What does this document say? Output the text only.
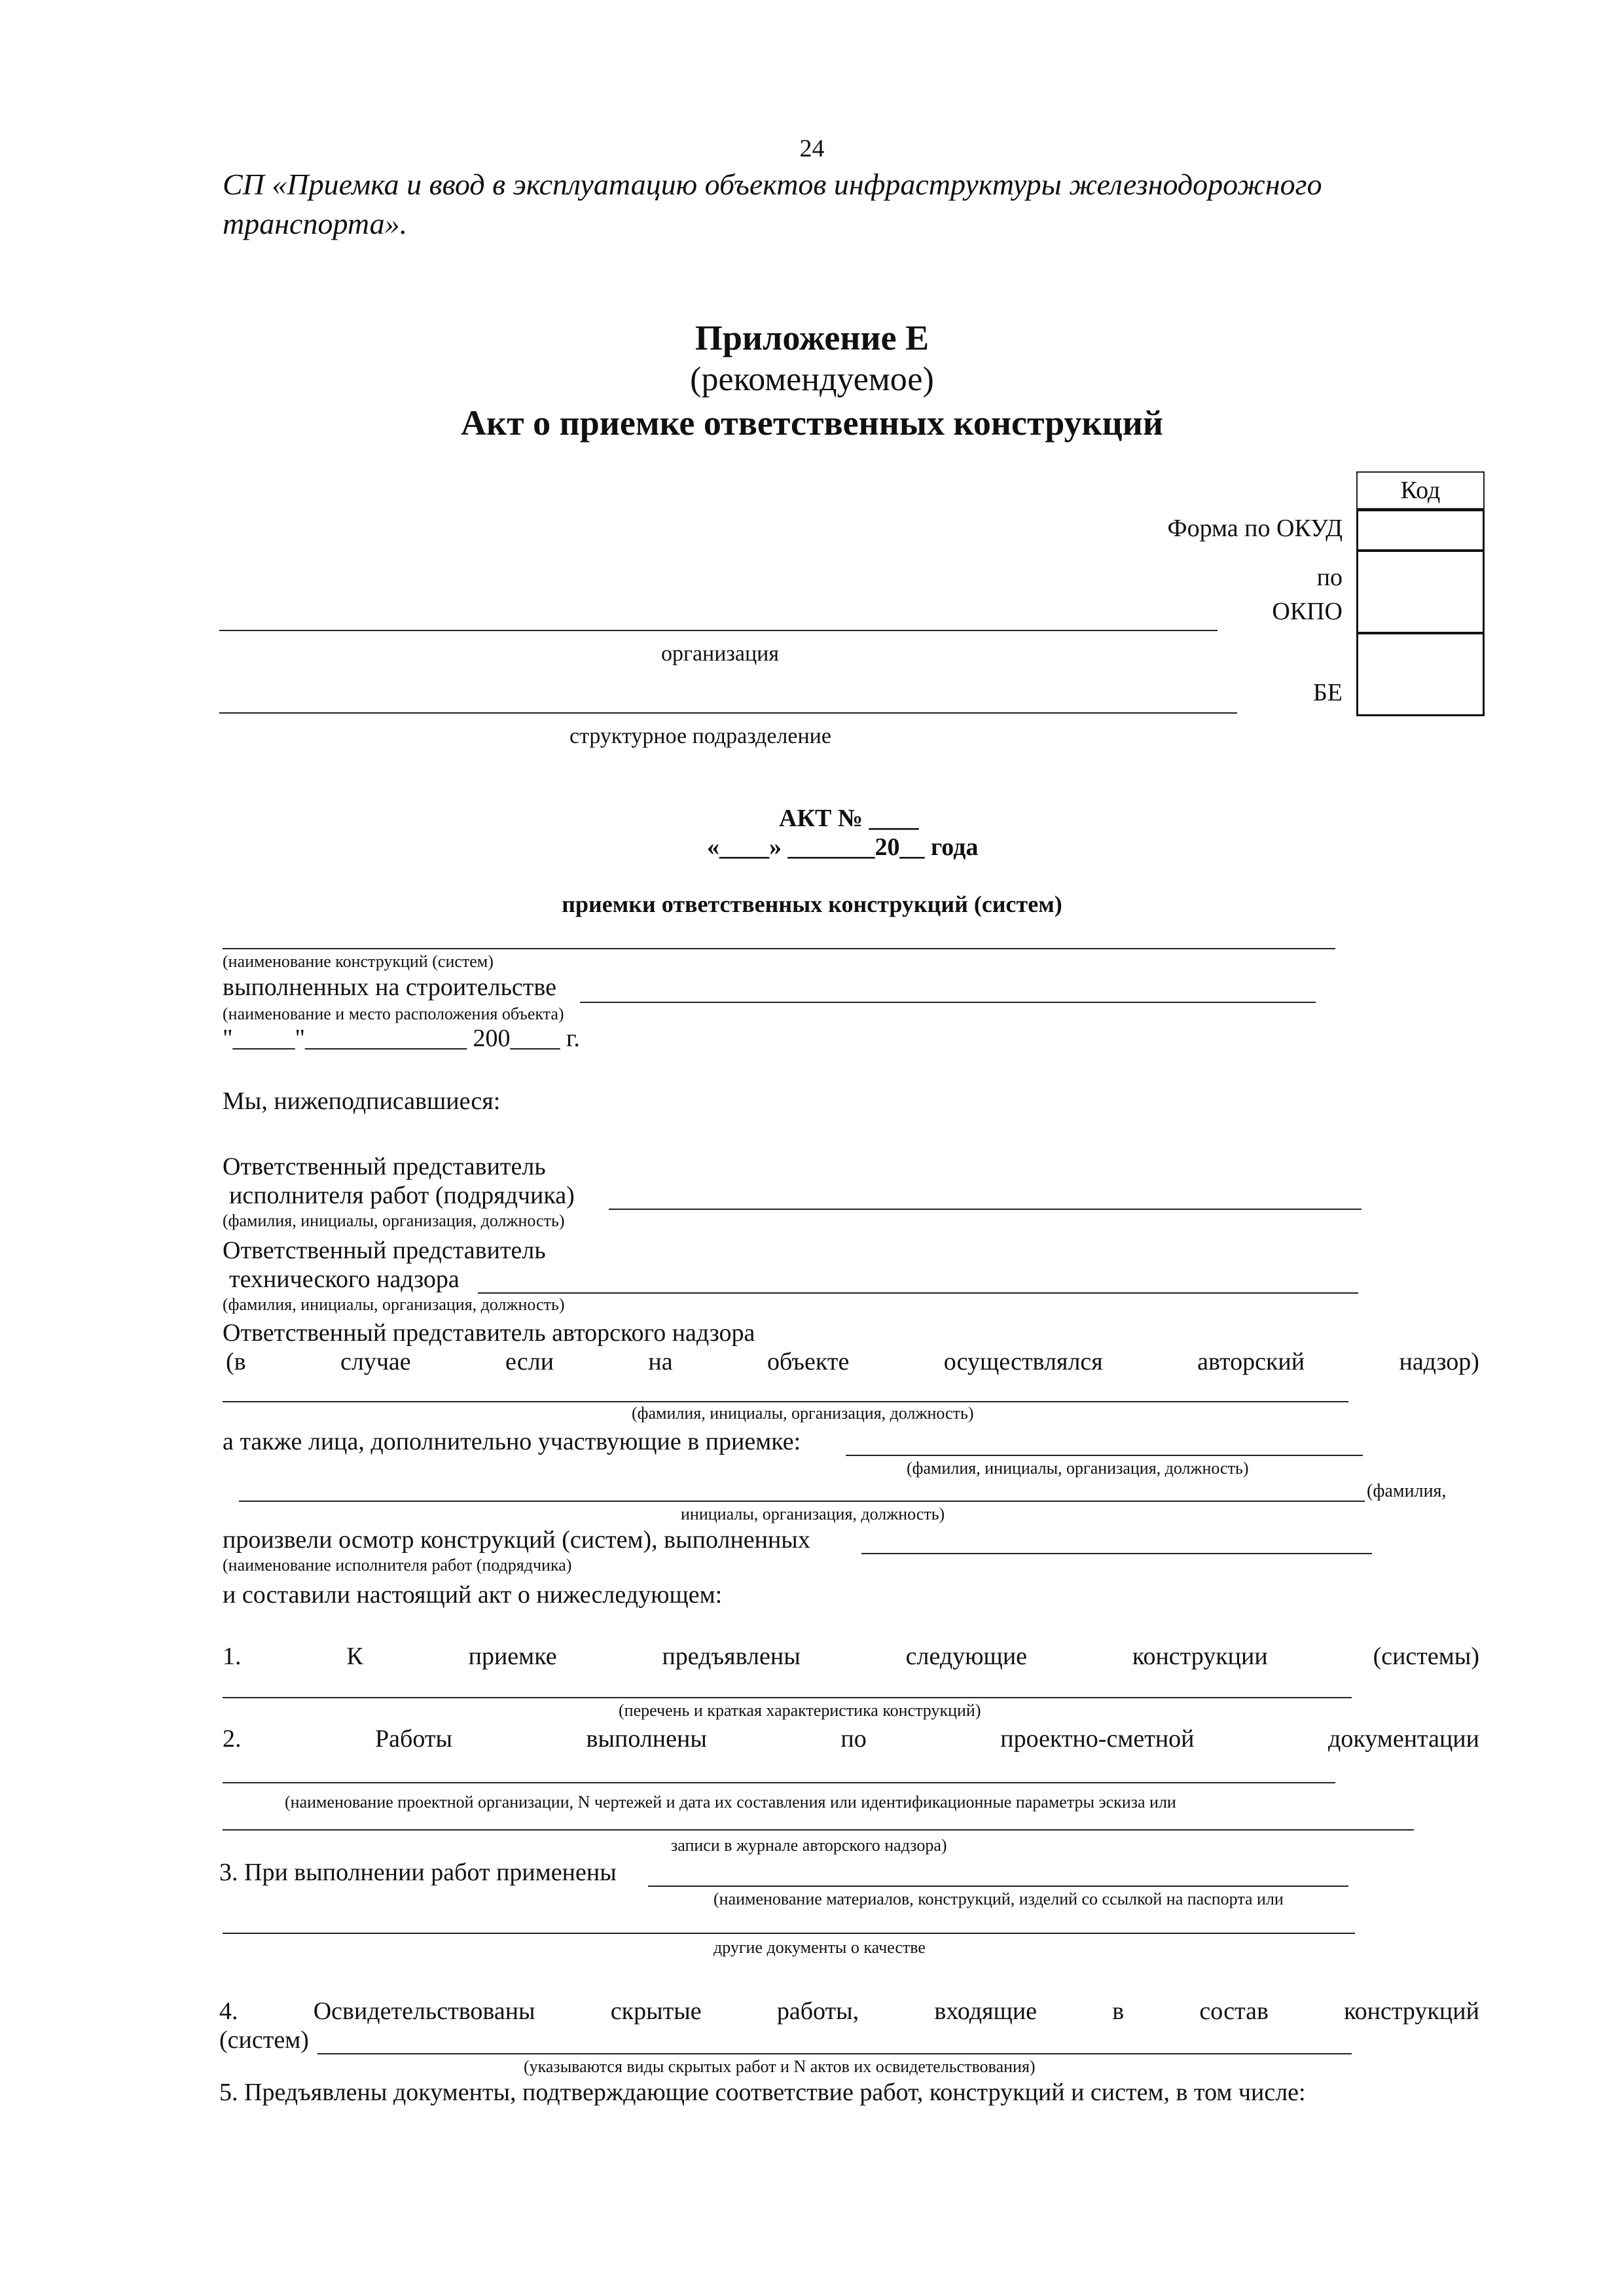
24
СП «Приемка и ввод в эксплуатацию объектов инфраструктуры железнодорожного
транспорта».
Приложение Е
(рекомендуемое)
Акт о приемке ответственных конструкций
Код
Форма по ОКУД
по
ОКПО
БЕ
организация
структурное подразделение
АКТ № ____
«____» _______20__ года
приемки ответственных конструкций (систем)
(наименование конструкций (систем)
выполненных на строительстве
(наименование и место расположения объекта)
"_____"_____________ 200____ г.
Мы, нижеподписавшиеся:
Ответственный представитель
исполнителя работ (подрядчика)
(фамилия, инициалы, организация, должность)
Ответственный представитель
технического надзора
(фамилия, инициалы, организация, должность)
Ответственный представитель авторского надзора
(в	случае	если	на	объекте	осуществлялся	авторский	надзор)
(фамилия, инициалы, организация, должность)
а также лица, дополнительно участвующие в приемке:
(фамилия, инициалы, организация, должность)
(фамилия,
инициалы, организация, должность)
произвели осмотр конструкций (систем), выполненных
(наименование исполнителя работ (подрядчика)
и составили настоящий акт о нижеследующем:
1.	К	приемке	предъявлены	следующие	конструкции	(системы)
(перечень и краткая характеристика конструкций)
2.	Работы	выполнены	по	проектно-сметной	документации
(наименование проектной организации, N чертежей и дата их составления или идентификационные параметры эскиза или
записи в журнале авторского надзора)
3. При выполнении работ применены
(наименование материалов, конструкций, изделий со ссылкой на паспорта или
другие документы о качестве
4.	Освидетельствованы	скрытые	работы,	входящие	в	состав	конструкций
(систем)
(указываются виды скрытых работ и N актов их освидетельствования)
5. Предъявлены документы, подтверждающие соответствие работ, конструкций и систем, в том числе:
